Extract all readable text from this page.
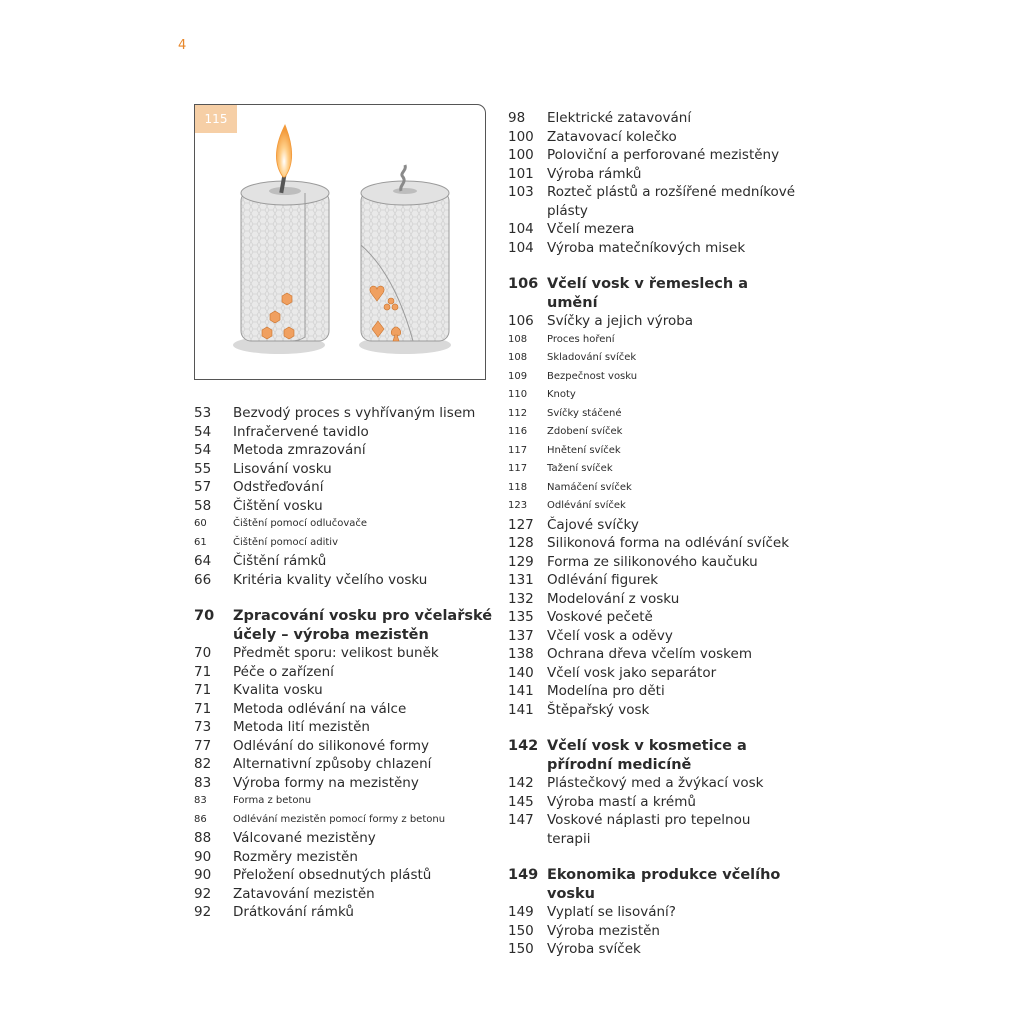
4
115
53	Bezvodý proces s vyhřívaným lisem
54	Infračervené tavidlo
54	Metoda zmrazování
55	Lisování vosku
57	Odstřeďování
58	Čištění vosku
60	Čištění pomocí odlučovače
61	Čištění pomocí aditiv
64	Čištění rámků
66	Kritéria kvality včelího vosku
70	Zpracování vosku pro včelařské účely – výroba mezistěn
70	Předmět sporu: velikost buněk
71	Péče o zařízení
71	Kvalita vosku
71	Metoda odlévání na válce
73	Metoda lití mezistěn
77	Odlévání do silikonové formy
82	Alternativní způsoby chlazení
83	Výroba formy na mezistěny
83	Forma z betonu
86	Odlévání mezistěn pomocí formy z betonu
88	Válcované mezistěny
90	Rozměry mezistěn
90	Přeložení obsednutých plástů
92	Zatavování mezistěn
92	Drátkování rámků
98	Elektrické zatavování
100 Zatavovací kolečko
100 Poloviční a perforované mezistěny
101 Výroba rámků
103 Rozteč plástů a rozšířené medníkové plásty
104 Včelí mezera
104 Výroba matečníkových misek
106 Včelí vosk v řemeslech a umění
106 Svíčky a jejich výroba
108	Proces hoření
108	Skladování svíček
109	Bezpečnost vosku
110	Knoty
112	Svíčky stáčené
116	Zdobení svíček
117	Hnětení svíček
117	Tažení svíček
118	Namáčení svíček
123	Odlévání svíček
127 Čajové svíčky
128 Silikonová forma na odlévání svíček
129 Forma ze silikonového kaučuku
131 Odlévání figurek
132 Modelování z vosku
135 Voskové pečetě
137 Včelí vosk a oděvy
138 Ochrana dřeva včelím voskem
140 Včelí vosk jako separátor
141 Modelína pro děti
141 Štěpařský vosk
142 Včelí vosk v kosmetice a přírodní medicíně
142 Plástečkový med a žvýkací vosk
145 Výroba mastí a krémů
147 Voskové náplasti pro tepelnou terapii
149 Ekonomika produkce včelího vosku
149 Vyplatí se lisování?
150 Výroba mezistěn
150 Výroba svíček
